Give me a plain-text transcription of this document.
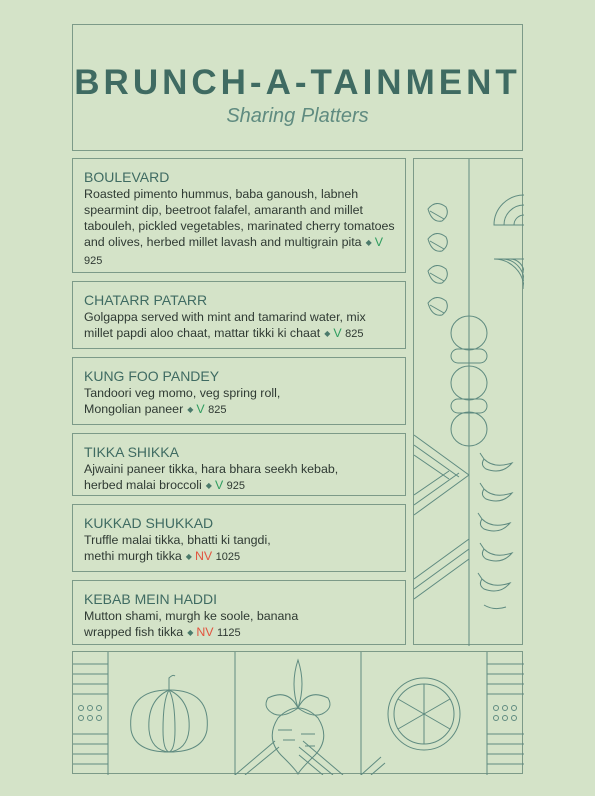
BRUNCH-A-TAINMENT
Sharing Platters
BOULEVARD
Roasted pimento hummus, baba ganoush, labneh spearmint dip, beetroot falafel, amaranth and millet tabouleh, pickled vegetables, marinated cherry tomatoes and olives, herbed millet lavash and multigrain pita ◆ V 925
CHATARR PATARR
Golgappa served with mint and tamarind water, mix millet papdi aloo chaat, mattar tikki ki chaat ◆ V 825
KUNG FOO PANDEY
Tandoori veg momo, veg spring roll, Mongolian paneer ◆ V 825
TIKKA SHIKKA
Ajwaini paneer tikka, hara bhara seekh kebab, herbed malai broccoli ◆ V 925
KUKKAD SHUKKAD
Truffle malai tikka, bhatti ki tangdi, methi murgh tikka ◆ NV 1025
KEBAB MEIN HADDI
Mutton shami, murgh ke soole, banana wrapped fish tikka ◆ NV 1125
